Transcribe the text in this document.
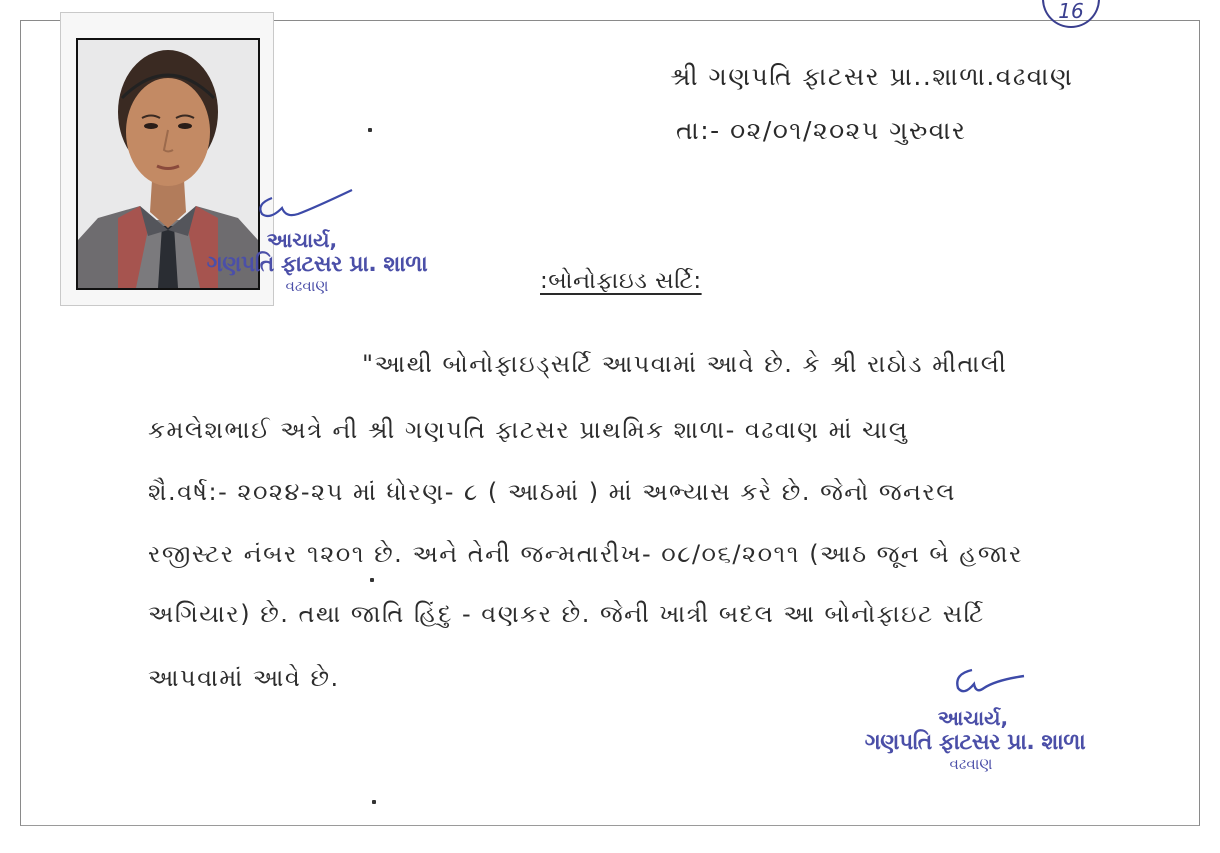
16
આચાર્ય,
ગણપતિ ફાટસર પ્રા. શાળા
વઢવાણ
શ્રી ગણપતિ ફાટસર પ્રા..શાળા.વઢવાણ
તા:- ૦૨/૦૧/૨૦૨૫ ગુરુવાર
:બોનોફાઇડ સર્ટિ:
"આથી બોનોફાઇડ્સર્ટિ આપવામાં આવે છે. કે શ્રી રાઠોડ મીતાલી
કમલેશભાઈ અત્રે ની શ્રી ગણપતિ ફાટસર પ્રાથમિક શાળા- વઢવાણ માં ચાલુ
શૈ.વર્ષ:- ૨૦૨૪-૨૫ માં ધોરણ- ૮ ( આઠમાં ) માં અભ્યાસ કરે છે. જેનો જનરલ
રજીસ્ટર નંબર ૧૨૦૧ છે. અને તેની જન્મતારીખ- ૦૮/૦૬/૨૦૧૧ (આઠ જૂન બે હજાર
અગિયાર) છે. તથા જાતિ હિંદુ - વણકર છે. જેની ખાત્રી બદલ આ બોનોફાઇટ સર્ટિ
આપવામાં આવે છે.
આચાર્ય,
ગણપતિ ફાટસર પ્રા. શાળા
વઢવાણ
